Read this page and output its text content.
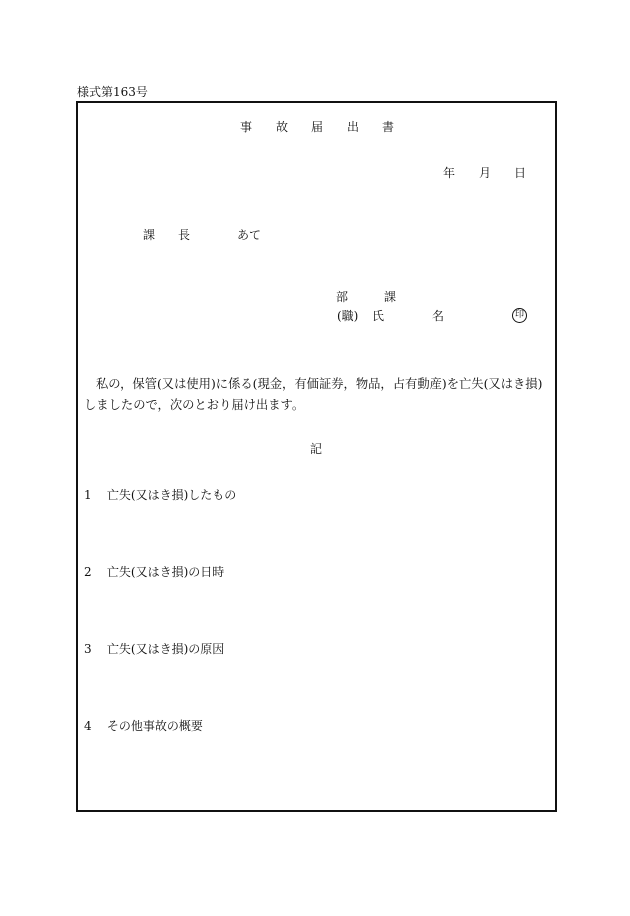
様式第163号
事 故 届 出 書
年 月 日
課 長	あて
部	課
(職) 氏	名	印
私の，保管(又は使用)に係る(現金，有価証券，物品，占有動産)を亡失(又はき損)しましたので，次のとおり届け出ます。
記
1 亡失(又はき損)したもの
2 亡失(又はき損)の日時
3 亡失(又はき損)の原因
4 その他事故の概要
